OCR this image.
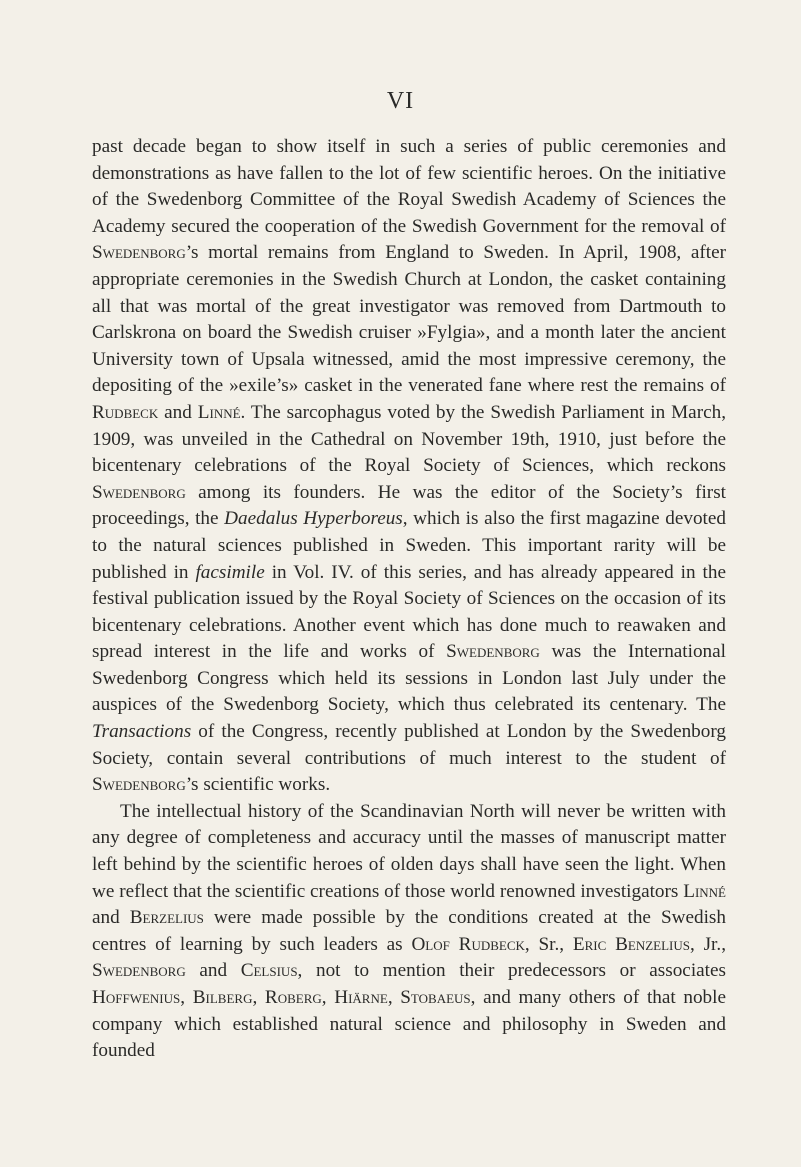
VI

past decade began to show itself in such a series of public ceremonies and demonstrations as have fallen to the lot of few scientific heroes. On the initiative of the Swedenborg Committee of the Royal Swedish Academy of Sciences the Academy secured the cooperation of the Swedish Government for the removal of Swedenborg’s mortal remains from England to Sweden. In April, 1908, after appropriate ceremonies in the Swedish Church at London, the casket containing all that was mortal of the great investigator was removed from Dartmouth to Carlskrona on board the Swedish cruiser »Fylgia», and a month later the ancient University town of Upsala witnessed, amid the most impressive ceremony, the depositing of the »exile’s» casket in the venerated fane where rest the remains of Rudbeck and Linné. The sarcophagus voted by the Swedish Parliament in March, 1909, was unveiled in the Cathedral on November 19th, 1910, just before the bicentenary celebrations of the Royal Society of Sciences, which reckons Swedenborg among its founders. He was the editor of the Society’s first proceedings, the Daedalus Hyperboreus, which is also the first magazine devoted to the natural sciences published in Sweden. This important rarity will be published in facsimile in Vol. IV. of this series, and has already appeared in the festival publication issued by the Royal Society of Sciences on the occasion of its bicentenary celebrations. Another event which has done much to reawaken and spread interest in the life and works of Swedenborg was the International Swedenborg Congress which held its sessions in London last July under the auspices of the Swedenborg Society, which thus celebrated its centenary. The Transactions of the Congress, recently published at London by the Swedenborg Society, contain several contributions of much interest to the student of Swedenborg’s scientific works.

The intellectual history of the Scandinavian North will never be written with any degree of completeness and accuracy until the masses of manuscript matter left behind by the scientific heroes of olden days shall have seen the light. When we reflect that the scientific creations of those world renowned investigators Linné and Berzelius were made possible by the conditions created at the Swedish centres of learning by such leaders as Olof Rudbeck, Sr., Eric Benzelius, Jr., Swedenborg and Celsius, not to mention their predecessors or associates Hoffwenius, Bilberg, Roberg, Hiärne, Stobaeus, and many others of that noble company which established natural science and philosophy in Sweden and founded
